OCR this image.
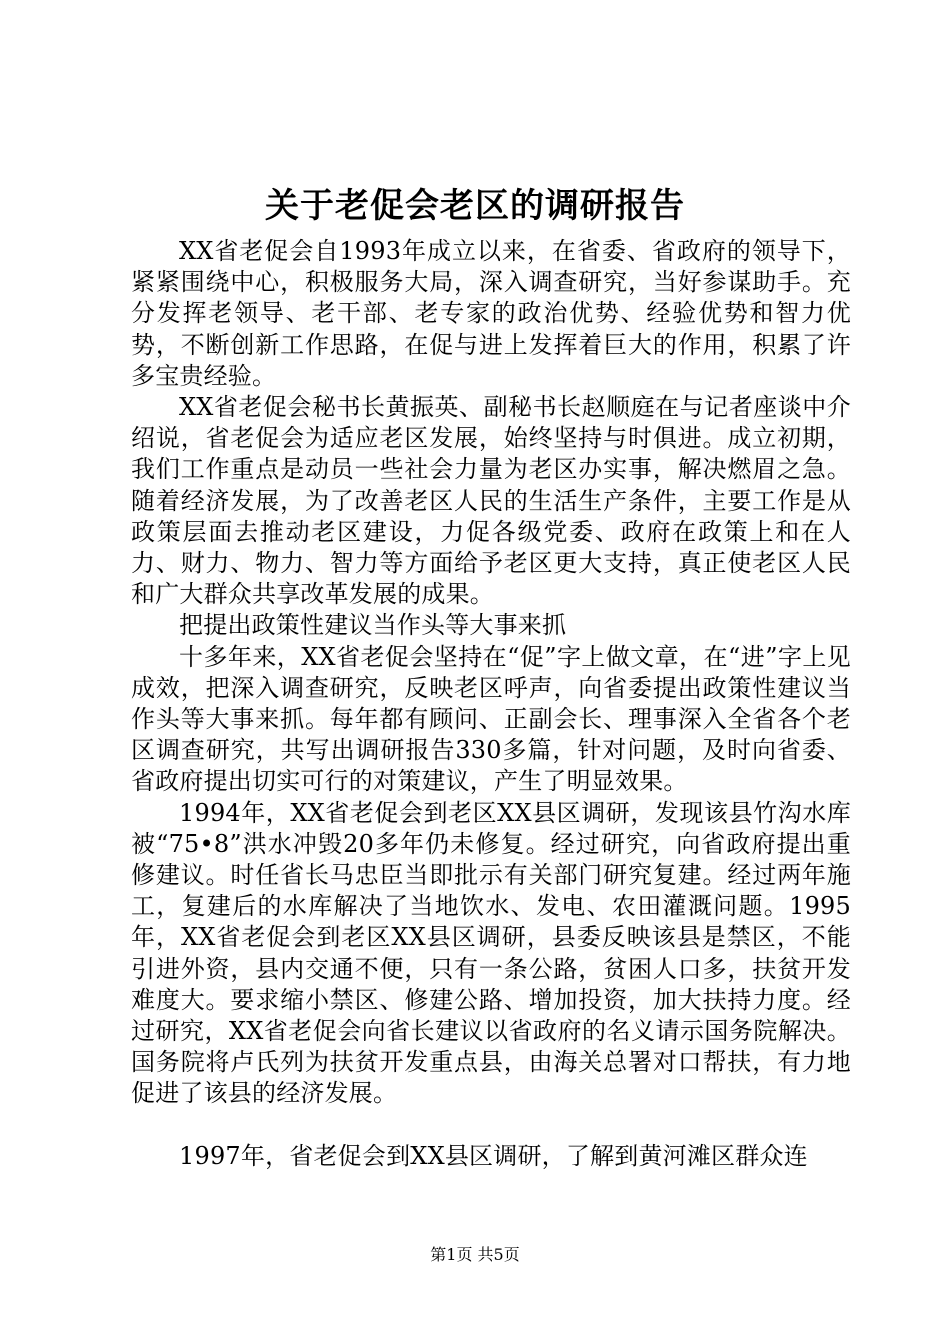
关于老促会老区的调研报告

XX省老促会自1993年成立以来，在省委、省政府的领导下，紧紧围绕中心，积极服务大局，深入调查研究，当好参谋助手。充分发挥老领导、老干部、老专家的政治优势、经验优势和智力优势，不断创新工作思路，在促与进上发挥着巨大的作用，积累了许多宝贵经验。

XX省老促会秘书长黄振英、副秘书长赵顺庭在与记者座谈中介绍说，省老促会为适应老区发展，始终坚持与时俱进。成立初期，我们工作重点是动员一些社会力量为老区办实事，解决燃眉之急。随着经济发展，为了改善老区人民的生活生产条件，主要工作是从政策层面去推动老区建设，力促各级党委、政府在政策上和在人力、财力、物力、智力等方面给予老区更大支持，真正使老区人民和广大群众共享改革发展的成果。

把提出政策性建议当作头等大事来抓

十多年来，XX省老促会坚持在“促”字上做文章，在“进”字上见成效，把深入调查研究，反映老区呼声，向省委提出政策性建议当作头等大事来抓。每年都有顾问、正副会长、理事深入全省各个老区调查研究，共写出调研报告330多篇，针对问题，及时向省委、省政府提出切实可行的对策建议，产生了明显效果。

1994年，XX省老促会到老区XX县区调研，发现该县竹沟水库被“75•8”洪水冲毁20多年仍未修复。经过研究，向省政府提出重修建议。时任省长马忠臣当即批示有关部门研究复建。经过两年施工，复建后的水库解决了当地饮水、发电、农田灌溉问题。1995年，XX省老促会到老区XX县区调研，县委反映该县是禁区，不能引进外资，县内交通不便，只有一条公路，贫困人口多，扶贫开发难度大。要求缩小禁区、修建公路、增加投资，加大扶持力度。经过研究，XX省老促会向省长建议以省政府的名义请示国务院解决。国务院将卢氏列为扶贫开发重点县，由海关总署对口帮扶，有力地促进了该县的经济发展。

1997年，省老促会到XX县区调研，了解到黄河滩区群众连

第1页 共5页
